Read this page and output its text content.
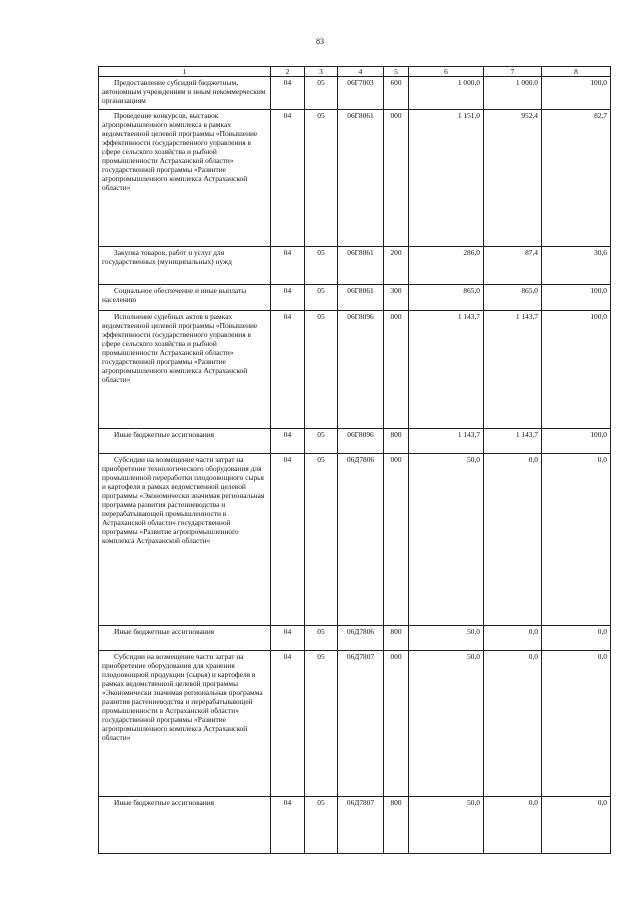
83
1	2	3	4	5	6	7	8
Предоставление субсидий бюджетным, автономным учреждениям и иным некоммерческим организациям	04	05	06Г7003	600	1 000,0	1 000,0	100,0
Проведение конкурсов, выставок агропромышленного комплекса в рамках ведомственной целевой программы «Повышение эффективности государственного управления в сфере сельского хозяйства и рыбной промышленности Астраханской области» государственной программы «Развитие агропромышленного комплекса Астраханской области»	04	05	06Г8061	000	1 151,0	952,4	82,7
Закупка товаров, работ и услуг для государственных (муниципальных) нужд	04	05	06Г8061	200	286,0	87,4	30,6
Социальное обеспечение и иные выплаты населению	04	05	06Г8061	300	865,0	865,0	100,0
Исполнение судебных актов в рамках ведомственной целевой программы «Повышение эффективности государственного управления в сфере сельского хозяйства и рыбной промышленности Астраханской области» государственной программы «Развитие агропромышленного комплекса Астраханской области»	04	05	06Г8096	000	1 143,7	1 143,7	100,0
Иные бюджетные ассигнования	04	05	06Г8096	800	1 143,7	1 143,7	100,0
Субсидии на возмещение части затрат на приобретение технологического оборудования для промышленной переработки плодоовощного сырья и картофеля в рамках ведомственной целевой программы «Экономически значимая региональная программа развития растениеводства и перерабатывающей промышленности в Астраханской области» государственной программы «Развитие агропромышленного комплекса Астраханской области»	04	05	06Д7806	000	50,0	0,0	0,0
Иные бюджетные ассигнования	04	05	06Д7806	800	50,0	0,0	0,0
Субсидии на возмещение части затрат на приобретение оборудования для хранения плодоовощной продукции (сырья) и картофеля в рамках ведомственной целевой программы «Экономически значимая региональная программа развития растениеводства и перерабатывающей промышленности в Астраханской области» государственной программы «Развитие агропромышленного комплекса Астраханской области»	04	05	06Д7807	000	50,0	0,0	0,0
Иные бюджетные ассигнования	04	05	06Д7807	800	50,0	0,0	0,0
